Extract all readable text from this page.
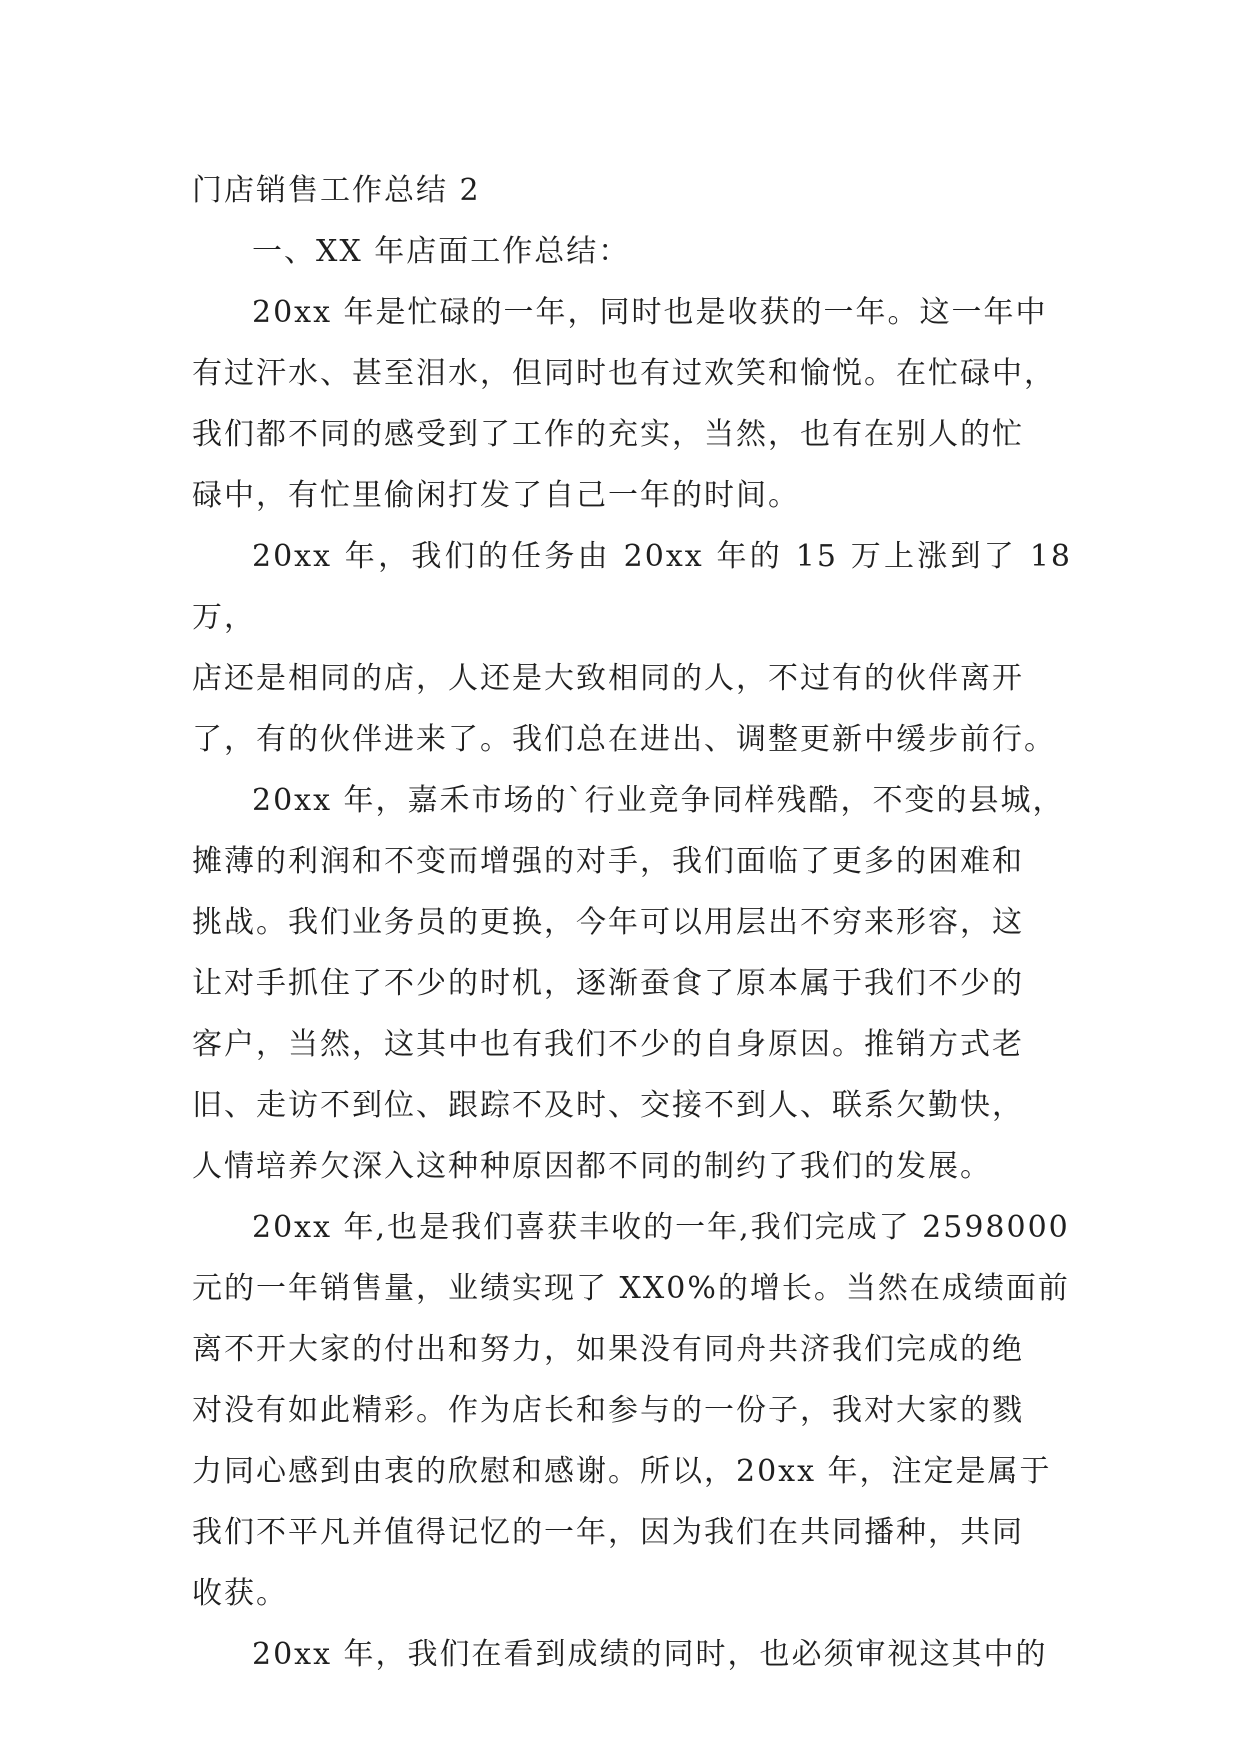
门店销售工作总结 2

一、XX 年店面工作总结：

20xx 年是忙碌的一年，同时也是收获的一年。这一年中
有过汗水、甚至泪水，但同时也有过欢笑和愉悦。在忙碌中，
我们都不同的感受到了工作的充实，当然，也有在别人的忙
碌中，有忙里偷闲打发了自己一年的时间。

20xx 年，我们的任务由 20xx 年的 15 万上涨到了 18 万，
店还是相同的店，人还是大致相同的人，不过有的伙伴离开
了，有的伙伴进来了。我们总在进出、调整更新中缓步前行。

20xx 年，嘉禾市场的`行业竞争同样残酷，不变的县城，
摊薄的利润和不变而增强的对手，我们面临了更多的困难和
挑战。我们业务员的更换，今年可以用层出不穷来形容，这
让对手抓住了不少的时机，逐渐蚕食了原本属于我们不少的
客户，当然，这其中也有我们不少的自身原因。推销方式老
旧、走访不到位、跟踪不及时、交接不到人、联系欠勤快，
人情培养欠深入这种种原因都不同的制约了我们的发展。

20xx 年,也是我们喜获丰收的一年,我们完成了 2598000
元的一年销售量，业绩实现了 XX0%的增长。当然在成绩面前
离不开大家的付出和努力，如果没有同舟共济我们完成的绝
对没有如此精彩。作为店长和参与的一份子，我对大家的戮
力同心感到由衷的欣慰和感谢。所以，20xx 年，注定是属于
我们不平凡并值得记忆的一年，因为我们在共同播种，共同
收获。

20xx 年，我们在看到成绩的同时，也必须审视这其中的
